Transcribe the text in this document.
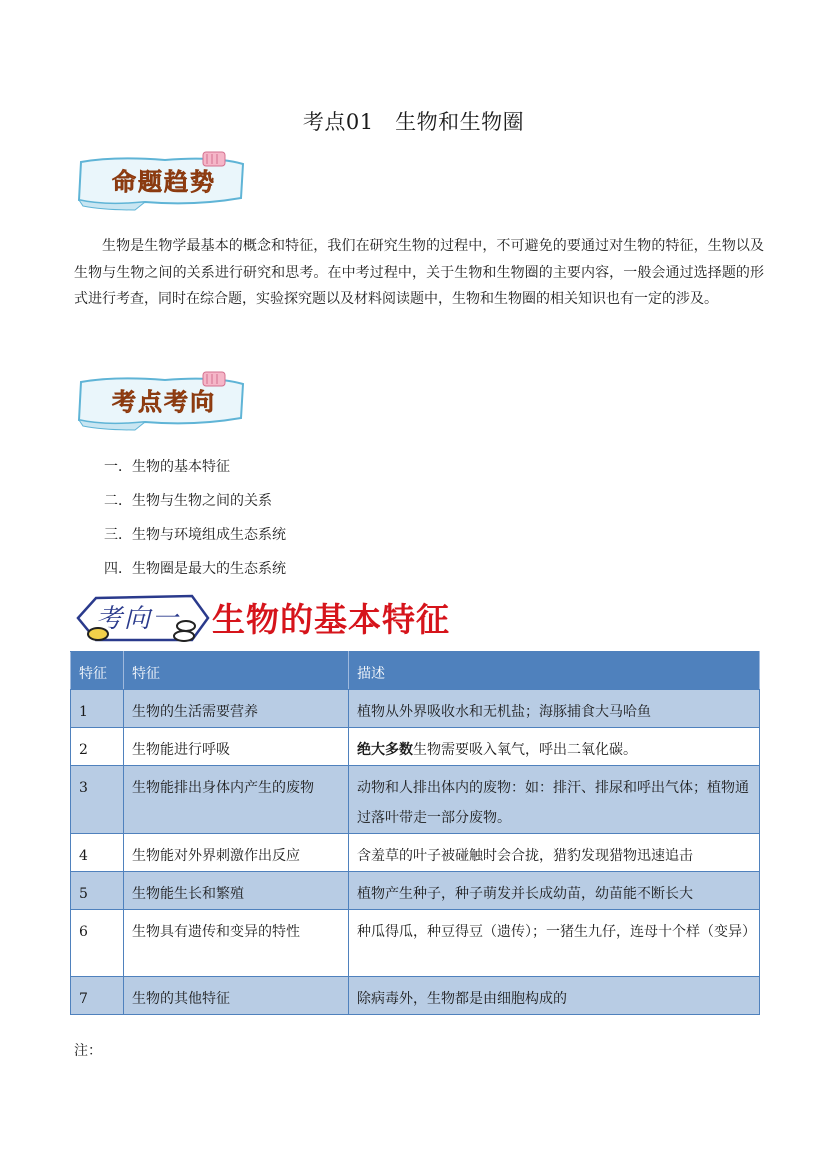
考点01　生物和生物圈
命题趋势
生物是生物学最基本的概念和特征，我们在研究生物的过程中，不可避免的要通过对生物的特征，生物以及生物与生物之间的关系进行研究和思考。在中考过程中，关于生物和生物圈的主要内容，一般会通过选择题的形式进行考查，同时在综合题，实验探究题以及材料阅读题中，生物和生物圈的相关知识也有一定的涉及。
考点考向
一．生物的基本特征
二．生物与生物之间的关系
三．生物与环境组成生态系统
四．生物圈是最大的生态系统
考向一 生物的基本特征
特征	特征	描述
1	生物的生活需要营养	植物从外界吸收水和无机盐；海豚捕食大马哈鱼
2	生物能进行呼吸	绝大多数生物需要吸入氧气，呼出二氧化碳。
3	生物能排出身体内产生的废物	动物和人排出体内的废物：如：排汗、排尿和呼出气体；植物通过落叶带走一部分废物。
4	生物能对外界刺激作出反应	含羞草的叶子被碰触时会合拢，猎豹发现猎物迅速追击
5	生物能生长和繁殖	植物产生种子，种子萌发并长成幼苗，幼苗能不断长大
6	生物具有遗传和变异的特性	种瓜得瓜，种豆得豆（遗传）；一猪生九仔，连母十个样（变异）
7	生物的其他特征	除病毒外，生物都是由细胞构成的
注：
